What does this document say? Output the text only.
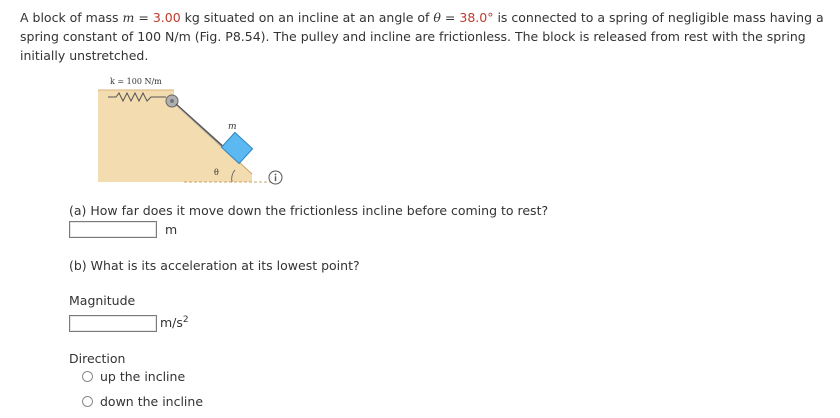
A block of mass m = 3.00 kg situated on an incline at an angle of θ = 38.0° is connected to a spring of negligible mass having a spring constant of 100 N/m (Fig. P8.54). The pulley and incline are frictionless. The block is released from rest with the spring initially unstretched.
k = 100 N/m
m
θ
(a) How far does it move down the frictionless incline before coming to rest?
m
(b) What is its acceleration at its lowest point?
Magnitude
$m/s^2$
Direction
up the incline
down the incline
